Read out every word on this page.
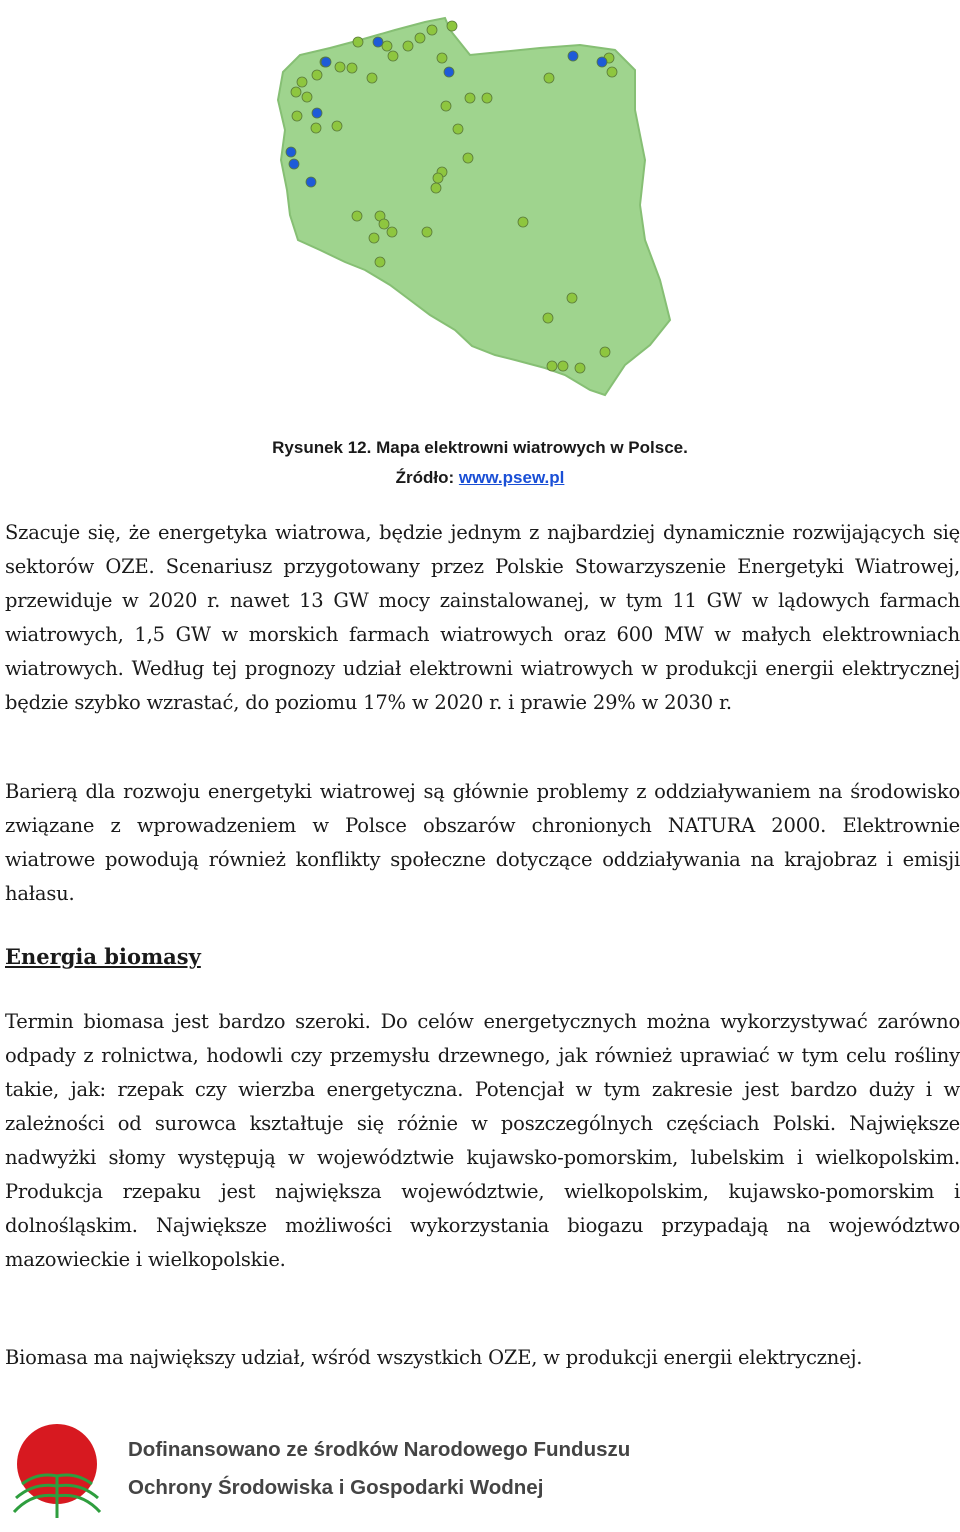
Rysunek 12. Mapa elektrowni wiatrowych w Polsce.
Źródło: www.psew.pl

Szacuje się, że energetyka wiatrowa, będzie jednym z najbardziej dynamicznie rozwijających się sektorów OZE. Scenariusz przygotowany przez Polskie Stowarzyszenie Energetyki Wiatrowej, przewiduje w 2020 r. nawet 13 GW mocy zainstalowanej, w tym 11 GW w lądowych farmach wiatrowych, 1,5 GW w morskich farmach wiatrowych oraz 600 MW w małych elektrowniach wiatrowych. Według tej prognozy udział elektrowni wiatrowych w produkcji energii elektrycznej będzie szybko wzrastać, do poziomu 17% w 2020 r. i prawie 29% w 2030 r.

Barierą dla rozwoju energetyki wiatrowej są głównie problemy z oddziaływaniem na środowisko związane z wprowadzeniem w Polsce obszarów chronionych NATURA 2000. Elektrownie wiatrowe powodują również konflikty społeczne dotyczące oddziaływania na krajobraz i emisji hałasu.

Energia biomasy

Termin biomasa jest bardzo szeroki. Do celów energetycznych można wykorzystywać zarówno odpady z rolnictwa, hodowli czy przemysłu drzewnego, jak również uprawiać w tym celu rośliny takie, jak: rzepak czy wierzba energetyczna. Potencjał w tym zakresie jest bardzo duży i w zależności od surowca kształtuje się różnie w poszczególnych częściach Polski. Największe nadwyżki słomy występują w województwie kujawsko-pomorskim, lubelskim i wielkopolskim. Produkcja rzepaku jest największa województwie, wielkopolskim, kujawsko-pomorskim i dolnośląskim. Największe możliwości wykorzystania biogazu przypadają na województwo mazowieckie i wielkopolskie.

Biomasa ma największy udział, wśród wszystkich OZE, w produkcji energii elektrycznej.

Dofinansowano ze środków Narodowego Funduszu
Ochrony Środowiska i Gospodarki Wodnej
